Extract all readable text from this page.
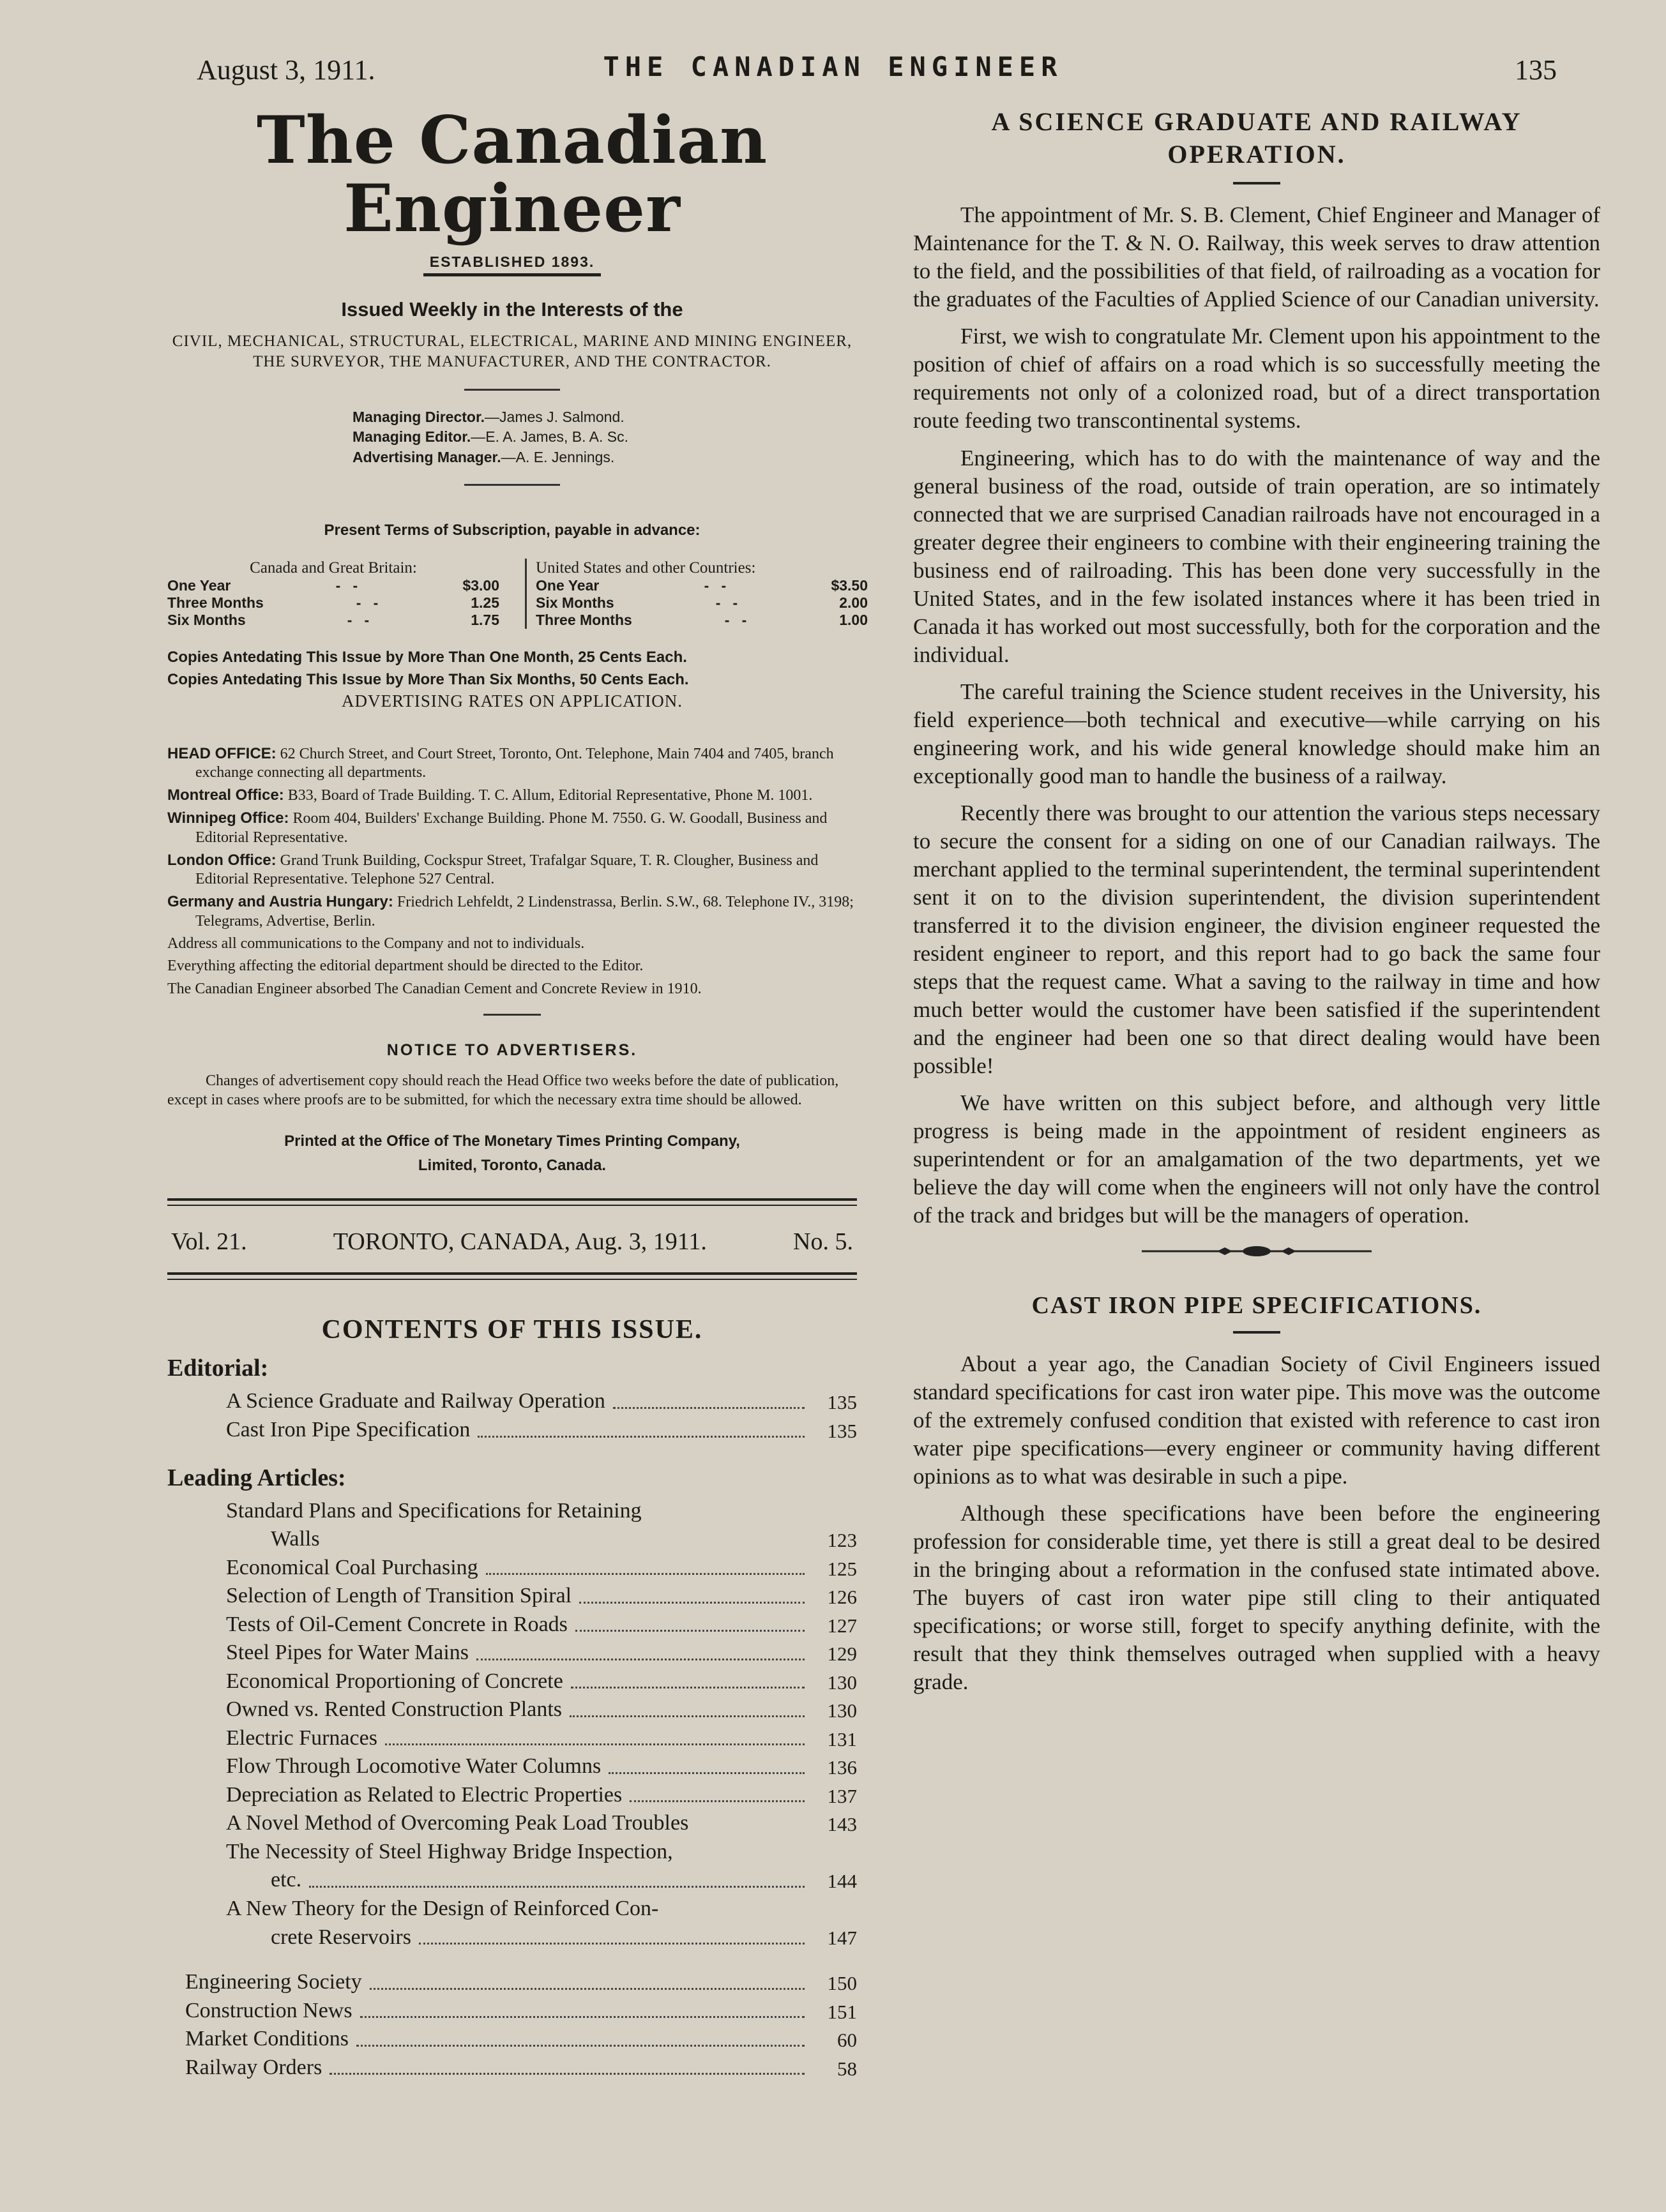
August 3, 1911.	THE CANADIAN ENGINEER	135
The Canadian Engineer
ESTABLISHED 1893.
Issued Weekly in the Interests of the
CIVIL, MECHANICAL, STRUCTURAL, ELECTRICAL, MARINE AND MINING ENGINEER, THE SURVEYOR, THE MANUFACTURER, AND THE CONTRACTOR.
Managing Director.—James J. Salmond.
Managing Editor.—E. A. James, B. A. Sc.
Advertising Manager.—A. E. Jennings.
Present Terms of Subscription, payable in advance:
Canada and Great Britain:
One Year	-   -	$3.00
Three Months	-   -	1.25
Six Months	-   -	1.75
United States and other Countries:
One Year	-   -	$3.50
Six Months	-   -	2.00
Three Months	-   -	1.00
Copies Antedating This Issue by More Than One Month, 25 Cents Each.
Copies Antedating This Issue by More Than Six Months, 50 Cents Each.
ADVERTISING RATES ON APPLICATION.

HEAD OFFICE: 62 Church Street, and Court Street, Toronto, Ont. Telephone, Main 7404 and 7405, branch exchange connecting all departments.

Montreal Office: B33, Board of Trade Building. T. C. Allum, Editorial Representative, Phone M. 1001.

Winnipeg Office: Room 404, Builders' Exchange Building. Phone M. 7550. G. W. Goodall, Business and Editorial Representative.

London Office: Grand Trunk Building, Cockspur Street, Trafalgar Square, T. R. Clougher, Business and Editorial Representative. Telephone 527 Central.

Germany and Austria Hungary: Friedrich Lehfeldt, 2 Lindenstrassa, Berlin. S.W., 68. Telephone IV., 3198; Telegrams, Advertise, Berlin.

Address all communications to the Company and not to individuals.

Everything affecting the editorial department should be directed to the Editor.

The Canadian Engineer absorbed The Canadian Cement and Concrete Review in 1910.

NOTICE TO ADVERTISERS.
Changes of advertisement copy should reach the Head Office two weeks before the date of publication, except in cases where proofs are to be submitted, for which the necessary extra time should be allowed.
Printed at the Office of The Monetary Times Printing Company,
Limited, Toronto, Canada.
Vol. 21.	TORONTO, CANADA, Aug. 3, 1911.	No. 5.
CONTENTS OF THIS ISSUE.
Editorial:
A Science Graduate and Railway Operation	135
Cast Iron Pipe Specification	135
Leading Articles:
Standard Plans and Specifications for Retaining
Walls	123
Economical Coal Purchasing	125
Selection of Length of Transition Spiral	126
Tests of Oil-Cement Concrete in Roads	127
Steel Pipes for Water Mains	129
Economical Proportioning of Concrete	130
Owned vs. Rented Construction Plants	130
Electric Furnaces	131
Flow Through Locomotive Water Columns	136
Depreciation as Related to Electric Properties	137
A Novel Method of Overcoming Peak Load Troubles	143
The Necessity of Steel Highway Bridge Inspection,
etc.	144
A New Theory for the Design of Reinforced Con-
crete Reservoirs	147
Engineering Society	150
Construction News	151
Market Conditions	60
Railway Orders	58
A SCIENCE GRADUATE AND RAILWAY
OPERATION.

The appointment of Mr. S. B. Clement, Chief Engineer and Manager of Maintenance for the T. & N. O. Railway, this week serves to draw attention to the field, and the possibilities of that field, of railroading as a vocation for the graduates of the Faculties of Applied Science of our Canadian university.

First, we wish to congratulate Mr. Clement upon his appointment to the position of chief of affairs on a road which is so successfully meeting the requirements not only of a colonized road, but of a direct transportation route feeding two transcontinental systems.

Engineering, which has to do with the maintenance of way and the general business of the road, outside of train operation, are so intimately connected that we are surprised Canadian railroads have not encouraged in a greater degree their engineers to combine with their engineering training the business end of railroading. This has been done very successfully in the United States, and in the few isolated instances where it has been tried in Canada it has worked out most successfully, both for the corporation and the individual.

The careful training the Science student receives in the University, his field experience—both technical and executive—while carrying on his engineering work, and his wide general knowledge should make him an exceptionally good man to handle the business of a railway.

Recently there was brought to our attention the various steps necessary to secure the consent for a siding on one of our Canadian railways. The merchant applied to the terminal superintendent, the terminal superintendent sent it on to the division superintendent, the division superintendent transferred it to the division engineer, the division engineer requested the resident engineer to report, and this report had to go back the same four steps that the request came. What a saving to the railway in time and how much better would the customer have been satisfied if the superintendent and the engineer had been one so that direct dealing would have been possible!

We have written on this subject before, and although very little progress is being made in the appointment of resident engineers as superintendent or for an amalgamation of the two departments, yet we believe the day will come when the engineers will not only have the control of the track and bridges but will be the managers of operation.

CAST IRON PIPE SPECIFICATIONS.

About a year ago, the Canadian Society of Civil Engineers issued standard specifications for cast iron water pipe. This move was the outcome of the extremely confused condition that existed with reference to cast iron water pipe specifications—every engineer or community having different opinions as to what was desirable in such a pipe.

Although these specifications have been before the engineering profession for considerable time, yet there is still a great deal to be desired in the bringing about a reformation in the confused state intimated above. The buyers of cast iron water pipe still cling to their antiquated specifications; or worse still, forget to specify anything definite, with the result that they think themselves outraged when supplied with a heavy grade.
